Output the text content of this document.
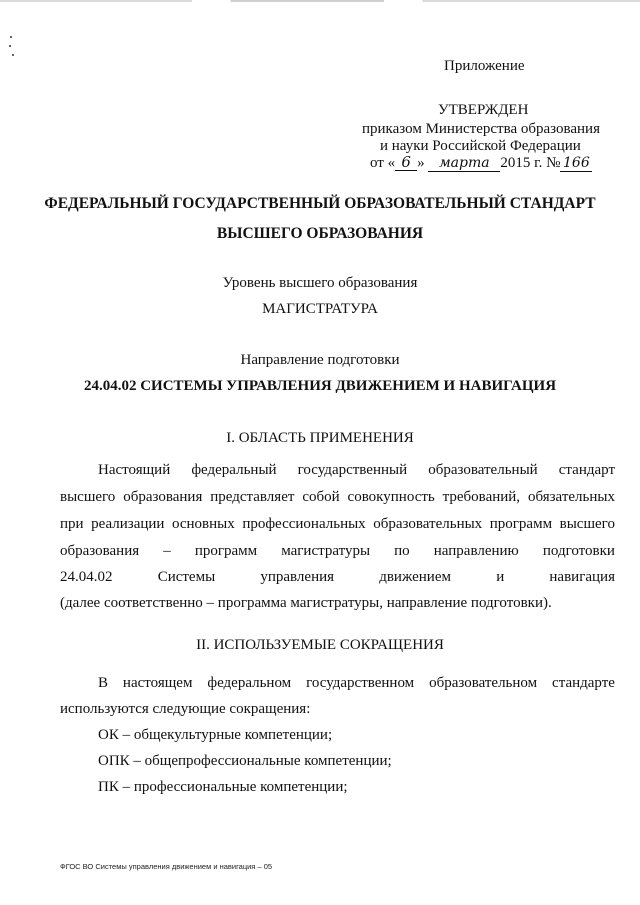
Приложение
УТВЕРЖДЕН
приказом Министерства образования
и науки Российской Федерации
от « 6 » марта 2015 г. № 166
ФЕДЕРАЛЬНЫЙ ГОСУДАРСТВЕННЫЙ ОБРАЗОВАТЕЛЬНЫЙ СТАНДАРТ
ВЫСШЕГО ОБРАЗОВАНИЯ
Уровень высшего образования
МАГИСТРАТУРА
Направление подготовки
24.04.02 СИСТЕМЫ УПРАВЛЕНИЯ ДВИЖЕНИЕМ И НАВИГАЦИЯ
I. ОБЛАСТЬ ПРИМЕНЕНИЯ
Настоящий федеральный государственный образовательный стандарт
высшего образования представляет собой совокупность требований, обязательных
при реализации основных профессиональных образовательных программ высшего
образования – программ магистратуры по направлению подготовки
24.04.02	Системы	управления	движением	и	навигация
(далее соответственно – программа магистратуры, направление подготовки).
II. ИСПОЛЬЗУЕМЫЕ СОКРАЩЕНИЯ
В настоящем федеральном государственном образовательном стандарте
используются следующие сокращения:
ОК – общекультурные компетенции;
ОПК – общепрофессиональные компетенции;
ПК – профессиональные компетенции;
ФГОС ВО Системы управления движением и навигация – 05
